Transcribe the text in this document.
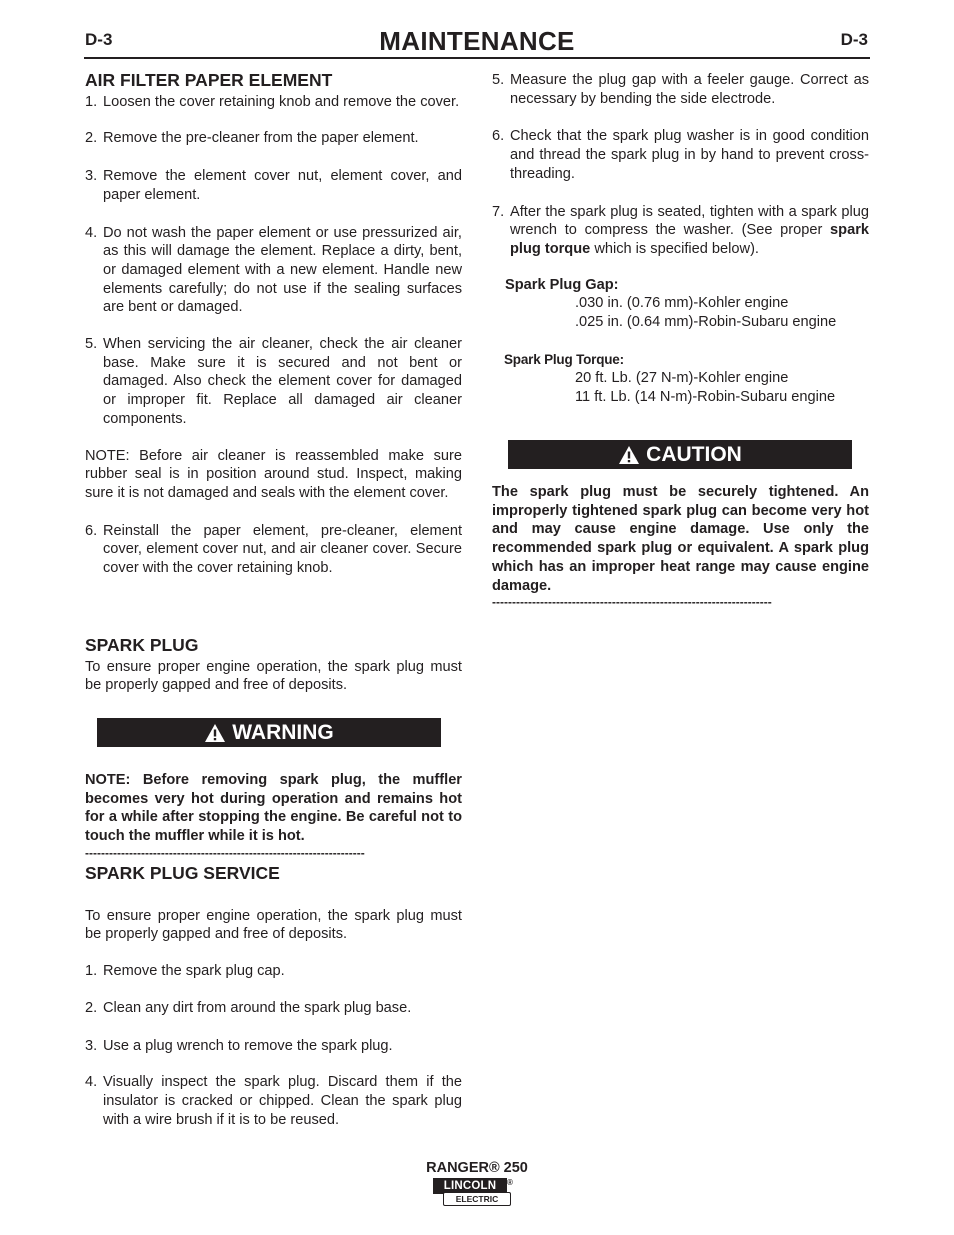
D-3	MAINTENANCE	D-3
AIR FILTER PAPER ELEMENT
1. Loosen the cover retaining knob and remove the cover.
2. Remove the pre-cleaner from the paper element.
3. Remove the element cover nut, element cover, and paper element.
4. Do not wash the paper element or use pressurized air, as this will damage the element. Replace a dirty, bent, or damaged element with a new element. Handle new elements carefully; do not use if the sealing surfaces are bent or damaged.
5. When servicing the air cleaner, check the air cleaner base. Make sure it is secured and not bent or damaged. Also check the element cover for damaged or improper fit. Replace all damaged air cleaner components.
NOTE: Before air cleaner is reassembled make sure rubber seal is in position around stud. Inspect, making sure it is not damaged and seals with the element cover.
6. Reinstall the paper element, pre-cleaner, element cover, element cover nut, and air cleaner cover. Secure cover with the cover retaining knob.
SPARK PLUG
To ensure proper engine operation, the spark plug must be properly gapped and free of deposits.
WARNING
NOTE: Before removing spark plug, the muffler becomes very hot during operation and remains hot for a while after stopping the engine. Be careful not to touch the muffler while it is hot.
----------------------------------------------------------------------
SPARK PLUG SERVICE
To ensure proper engine operation, the spark plug must be properly gapped and free of deposits.
1. Remove the spark plug cap.
2. Clean any dirt from around the spark plug base.
3. Use a plug wrench to remove the spark plug.
4. Visually inspect the spark plug. Discard them if the insulator is cracked or chipped. Clean the spark plug with a wire brush if it is to be reused.
5. Measure the plug gap with a feeler gauge. Correct as necessary by bending the side electrode.
6. Check that the spark plug washer is in good condition and thread the spark plug in by hand to prevent cross-threading.
7. After the spark plug is seated, tighten with a spark plug wrench to compress the washer. (See proper spark plug torque which is specified below).
Spark Plug Gap:
.030 in. (0.76 mm)-Kohler engine
.025 in. (0.64 mm)-Robin-Subaru engine
Spark Plug Torque:
20 ft. Lb. (27 N-m)-Kohler engine
11 ft. Lb. (14 N-m)-Robin-Subaru engine
CAUTION
The spark plug must be securely tightened. An improperly tightened spark plug can become very hot and may cause engine damage. Use only the recommended spark plug or equivalent. A spark plug which has an improper heat range may cause engine damage.
----------------------------------------------------------------------
RANGER® 250
LINCOLN	®
ELECTRIC
